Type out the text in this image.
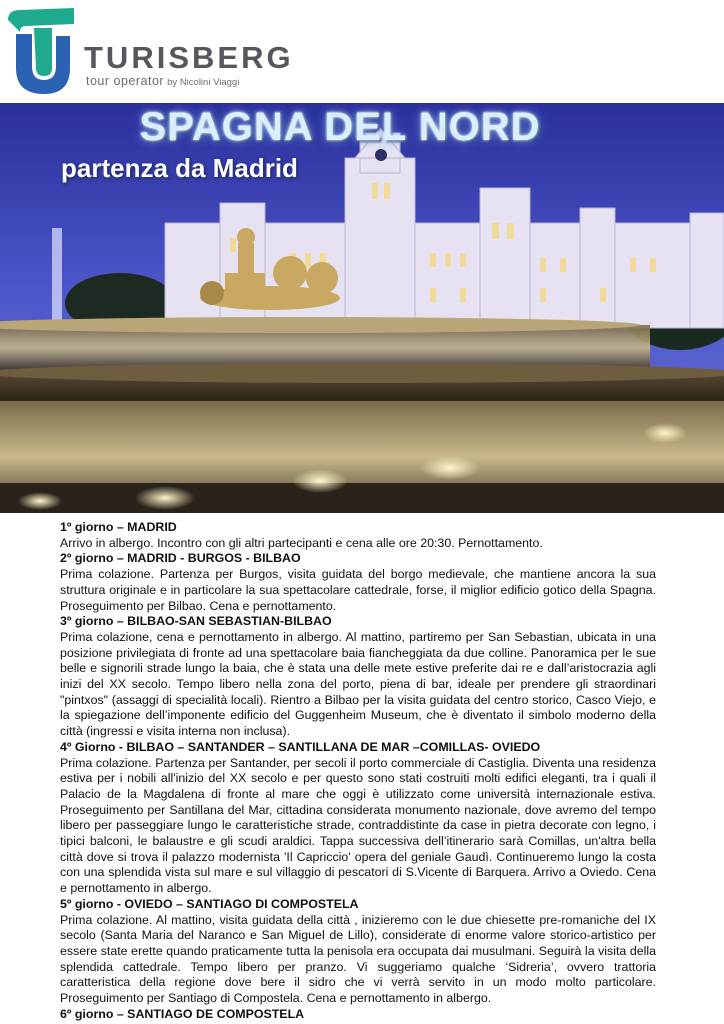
TURISBERG
tour operator by Nicolini Viaggi
SPAGNA DEL NORD
partenza da Madrid
1º giorno – MADRID
Arrivo in albergo. Incontro con gli altri partecipanti e cena alle ore 20:30. Pernottamento.
2º giorno – MADRID - BURGOS - BILBAO
Prima colazione. Partenza per Burgos, visita guidata del borgo medievale, che mantiene ancora la sua struttura originale e in particolare la sua spettacolare cattedrale, forse, il miglior edificio gotico della Spagna. Proseguimento per Bilbao. Cena e pernottamento.
3º giorno – BILBAO-SAN SEBASTIAN-BILBAO
Prima colazione, cena e pernottamento in albergo. Al mattino, partiremo per San Sebastian, ubicata in una posizione privilegiata di fronte ad una spettacolare baia fiancheggiata da due colline. Panoramica per le sue belle e signorili strade lungo la baia, che è stata una delle mete estive preferite dai re e dall’aristocrazia agli inizi del XX secolo. Tempo libero nella zona del porto, piena di bar, ideale per prendere gli straordinari "pintxos" (assaggi di specialità locali). Rientro a Bilbao per la visita guidata del centro storico, Casco Viejo, e la spiegazione dell’imponente edificio del Guggenheim Museum, che è diventato il simbolo moderno della città (ingressi e visita interna non inclusa).
4º Giorno - BILBAO – SANTANDER – SANTILLANA DE MAR –COMILLAS- OVIEDO
Prima colazione. Partenza per Santander, per secoli il porto commerciale di Castiglia. Diventa una residenza estiva per i nobili all'inizio del XX secolo e per questo sono stati costruiti molti edifici eleganti, tra i quali il Palacio de la Magdalena di fronte al mare che oggi è utilizzato come università internazionale estiva. Proseguimento per Santillana del Mar, cittadina considerata monumento nazionale, dove avremo del tempo libero per passeggiare lungo le caratteristiche strade, contraddistinte da case in pietra decorate con legno, i tipici balconi, le balaustre e gli scudi araldici. Tappa successiva dell’itinerario sarà Comillas, un'altra bella città dove si trova il palazzo modernista 'Il Capriccio' opera del geniale Gaudì. Continueremo lungo la costa con una splendida vista sul mare e sul villaggio di pescatori di S.Vicente di Barquera. Arrivo a Oviedo. Cena e pernottamento in albergo.
5º giorno - OVIEDO – SANTIAGO DI COMPOSTELA
Prima colazione. Al mattino, visita guidata della città , inizieremo con le due chiesette pre-romaniche del IX secolo (Santa Maria del Naranco e San Miguel de Lillo), considerate di enorme valore storico-artistico per essere state erette quando praticamente tutta la penisola era occupata dai musulmani. Seguirà la visita della splendida cattedrale. Tempo libero per pranzo. Vi suggeriamo qualche ‘Sidreria’, ovvero trattoria caratteristica della regione dove bere il sidro che vi verrà servito in un modo molto particolare. Proseguimento per Santiago di Compostela. Cena e pernottamento in albergo.
6º giorno – SANTIAGO DE COMPOSTELA
